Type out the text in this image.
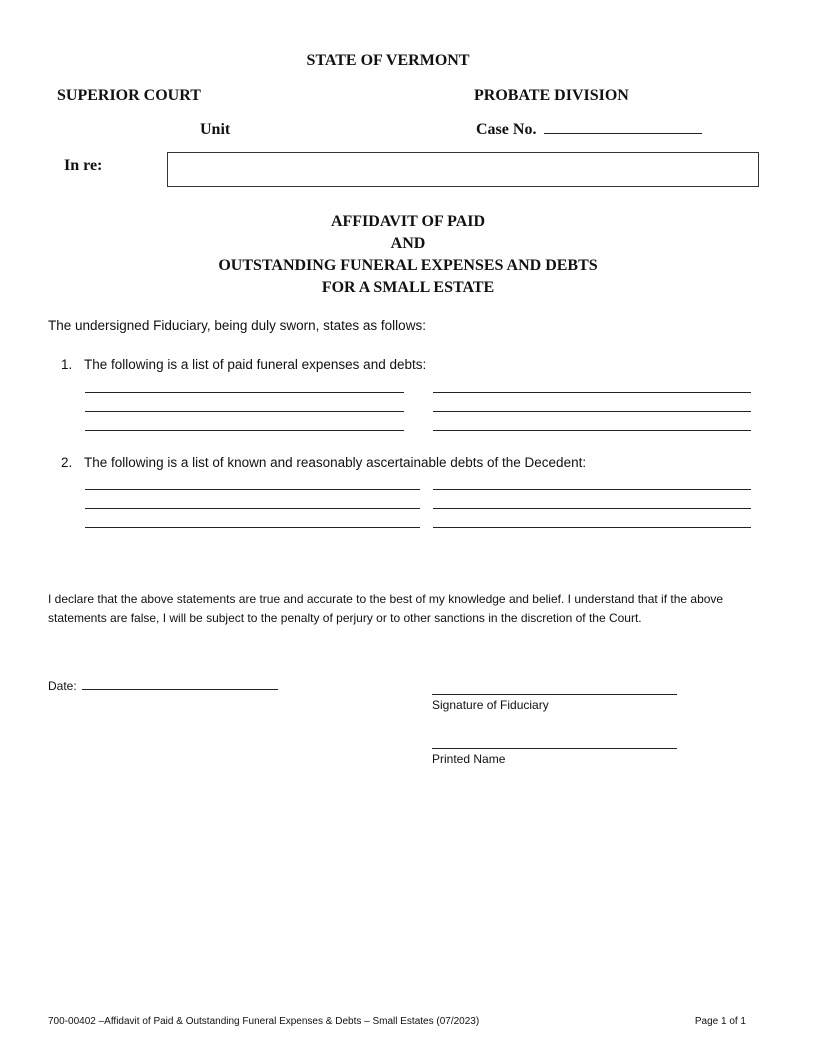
STATE OF VERMONT
SUPERIOR COURT	PROBATE DIVISION
Unit	Case No.
In re:
AFFIDAVIT OF PAID
AND
OUTSTANDING FUNERAL EXPENSES AND DEBTS
FOR A SMALL ESTATE
The undersigned Fiduciary, being duly sworn, states as follows:
1. The following is a list of paid funeral expenses and debts:
2. The following is a list of known and reasonably ascertainable debts of the Decedent:
I declare that the above statements are true and accurate to the best of my knowledge and belief. I understand that if the above statements are false, I will be subject to the penalty of perjury or to other sanctions in the discretion of the Court.
Date:
Signature of Fiduciary
Printed Name
700-00402 –Affidavit of Paid & Outstanding Funeral Expenses & Debts – Small Estates (07/2023)	Page 1 of 1
